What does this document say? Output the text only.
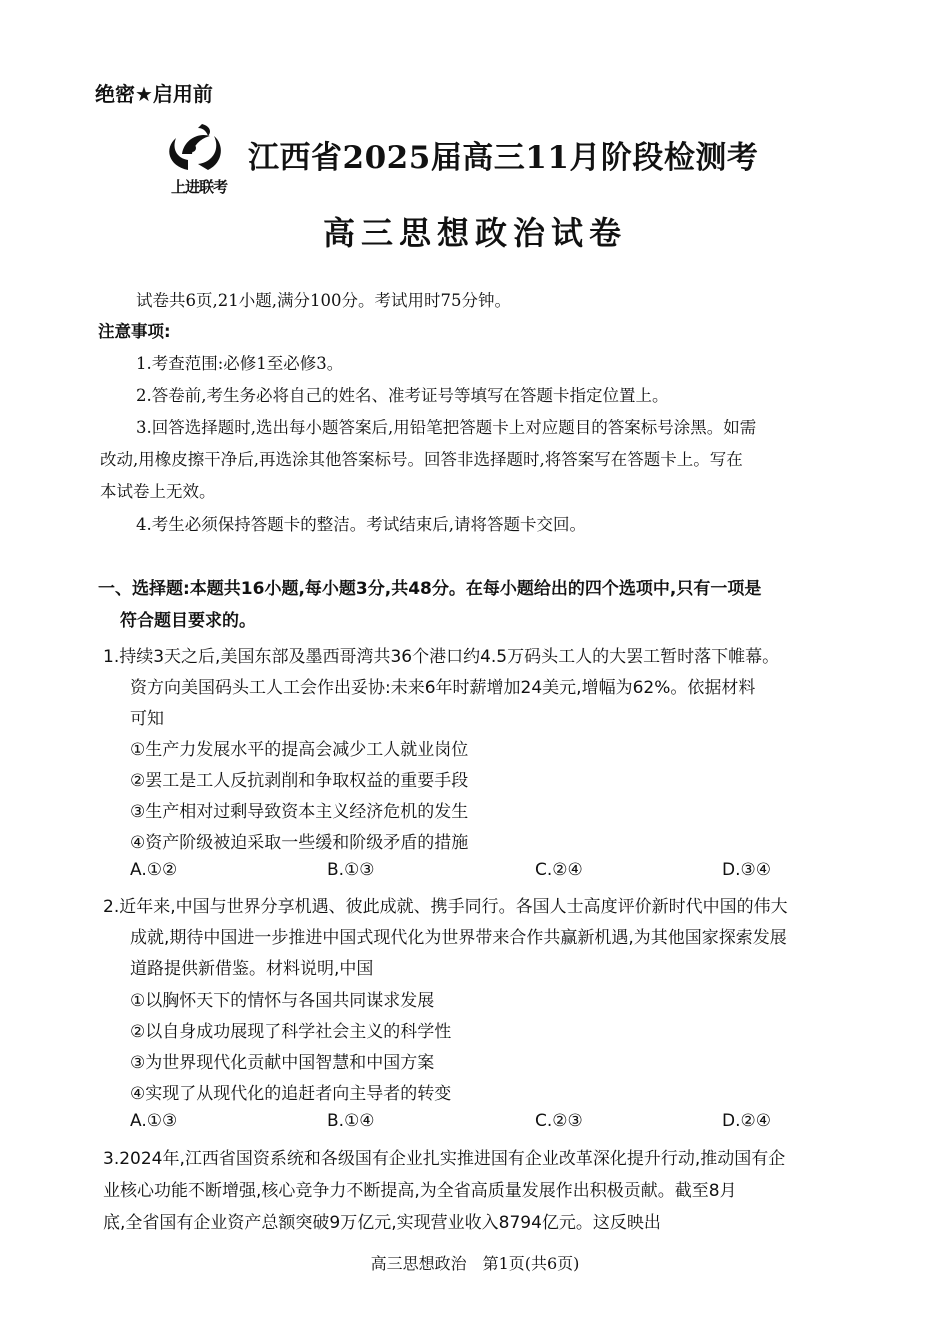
绝密★启用前
上进联考
江西省2025届高三11月阶段检测考
高三思想政治试卷
试卷共6页,21小题,满分100分。考试用时75分钟。
注意事项:
1.考查范围:必修1至必修3。
2.答卷前,考生务必将自己的姓名、准考证号等填写在答题卡指定位置上。
3.回答选择题时,选出每小题答案后,用铅笔把答题卡上对应题目的答案标号涂黑。如需
改动,用橡皮擦干净后,再选涂其他答案标号。回答非选择题时,将答案写在答题卡上。写在
本试卷上无效。
4.考生必须保持答题卡的整洁。考试结束后,请将答题卡交回。
一、选择题:本题共16小题,每小题3分,共48分。在每小题给出的四个选项中,只有一项是
符合题目要求的。
1.持续3天之后,美国东部及墨西哥湾共36个港口约4.5万码头工人的大罢工暂时落下帷幕。
资方向美国码头工人工会作出妥协:未来6年时薪增加24美元,增幅为62%。依据材料
可知
①生产力发展水平的提高会减少工人就业岗位
②罢工是工人反抗剥削和争取权益的重要手段
③生产相对过剩导致资本主义经济危机的发生
④资产阶级被迫采取一些缓和阶级矛盾的措施
A.①②	B.①③	C.②④	D.③④
2.近年来,中国与世界分享机遇、彼此成就、携手同行。各国人士高度评价新时代中国的伟大
成就,期待中国进一步推进中国式现代化为世界带来合作共赢新机遇,为其他国家探索发展
道路提供新借鉴。材料说明,中国
①以胸怀天下的情怀与各国共同谋求发展
②以自身成功展现了科学社会主义的科学性
③为世界现代化贡献中国智慧和中国方案
④实现了从现代化的追赶者向主导者的转变
A.①③	B.①④	C.②③	D.②④
3.2024年,江西省国资系统和各级国有企业扎实推进国有企业改革深化提升行动,推动国有企
业核心功能不断增强,核心竞争力不断提高,为全省高质量发展作出积极贡献。截至8月
底,全省国有企业资产总额突破9万亿元,实现营业收入8794亿元。这反映出
高三思想政治　第1页(共6页)
